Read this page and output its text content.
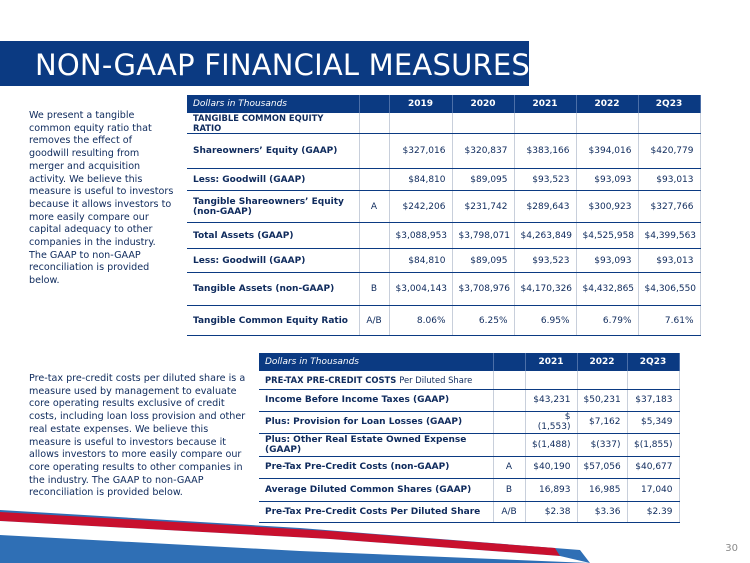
NON-GAAP FINANCIAL MEASURES
We present a tangible common equity ratio that removes the effect of goodwill resulting from merger and acquisition activity. We believe this measure is useful to investors because it allows investors to more easily compare our capital adequacy to other companies in the industry. The GAAP to non-GAAP reconciliation is provided below.
Pre-tax pre-credit costs per diluted share is a measure used by management to evaluate core operating results exclusive of credit costs, including loan loss provision and other real estate expenses. We believe this measure is useful to investors because it allows investors to more easily compare our core operating results to other companies in the industry. The GAAP to non-GAAP reconciliation is provided below.
Dollars in Thousands		2019	2020	2021	2022	2Q23
TANGIBLE COMMON EQUITY RATIO						
Shareowners’ Equity (GAAP)		$327,016	$320,837	$383,166	$394,016	$420,779
Less: Goodwill (GAAP)		$84,810	$89,095	$93,523	$93,093	$93,013
Tangible Shareowners’ Equity (non-GAAP)	A	$242,206	$231,742	$289,643	$300,923	$327,766
Total Assets (GAAP)		$3,088,953	$3,798,071	$4,263,849	$4,525,958	$4,399,563
Less: Goodwill (GAAP)		$84,810	$89,095	$93,523	$93,093	$93,013
Tangible Assets (non-GAAP)	B	$3,004,143	$3,708,976	$4,170,326	$4,432,865	$4,306,550
Tangible Common Equity Ratio	A/B	8.06%	6.25%	6.95%	6.79%	7.61%
Dollars in Thousands		2021	2022	2Q23
PRE-TAX PRE-CREDIT COSTS Per Diluted Share				
Income Before Income Taxes (GAAP)		$43,231	$50,231	$37,183
Plus: Provision for Loan Losses (GAAP)		$ (1,553)	$7,162	$5,349
Plus: Other Real Estate Owned Expense (GAAP)		$(1,488)	$(337)	$(1,855)
Pre-Tax Pre-Credit Costs (non-GAAP)	A	$40,190	$57,056	$40,677
Average Diluted Common Shares (GAAP)	B	16,893	16,985	17,040
Pre-Tax Pre-Credit Costs Per Diluted Share	A/B	$2.38	$3.36	$2.39
30
